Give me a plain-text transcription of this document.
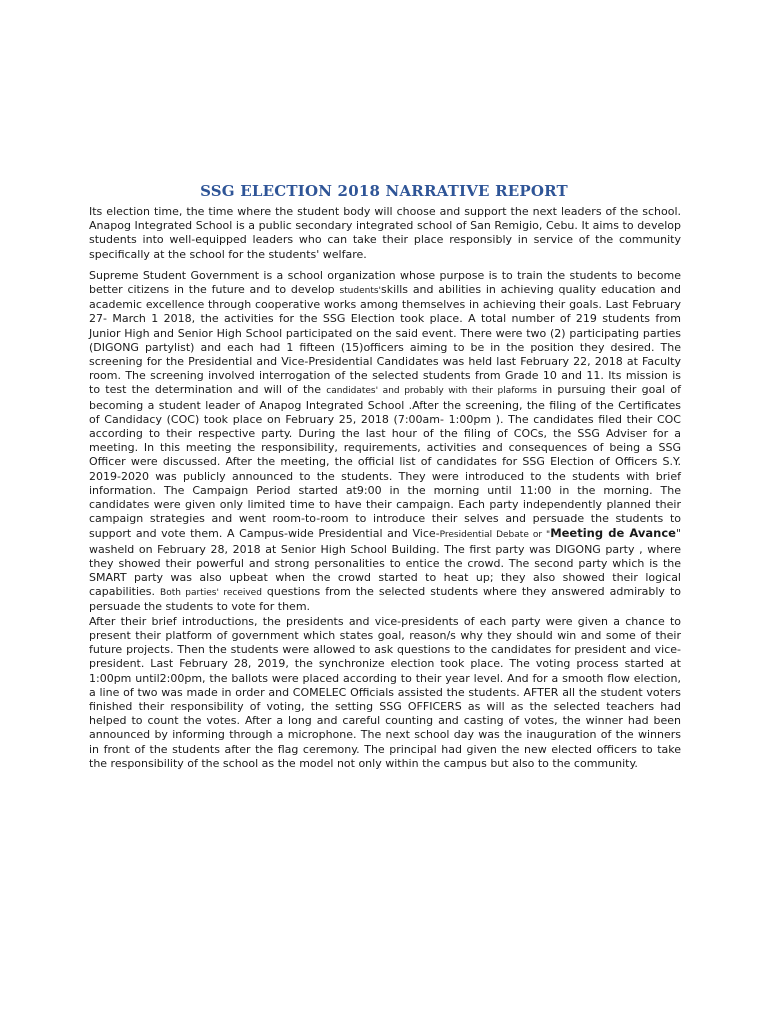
SSG ELECTION 2018 NARRATIVE REPORT

Its election time, the time where the student body will choose and support the next leaders of the school. Anapog Integrated School is a public secondary integrated school of San Remigio, Cebu. It aims to develop students into well-equipped leaders who can take their place responsibly in service of the community specifically at the school for the students' welfare.

Supreme Student Government is a school organization whose purpose is to train the students to become better citizens in the future and to develop students'skills and abilities in achieving quality education and academic excellence through cooperative works among themselves in achieving their goals. Last February 27- March 1 2018, the activities for the SSG Election took place. A total number of 219 students from Junior High and Senior High School participated on the said event. There were two (2) participating parties (DIGONG partylist) and each had 1 fifteen (15)officers aiming to be in the position they desired. The screening for the Presidential and Vice-Presidential Candidates was held last February 22, 2018 at Faculty room. The screening involved interrogation of the selected students from Grade 10 and 11. Its mission is to test the determination and will of the candidates' and probably with their plaforms in pursuing their goal of becoming a student leader of Anapog Integrated School .After the screening, the filing of the Certificates of Candidacy (COC) took place on February 25, 2018 (7:00am- 1:00pm ). The candidates filed their COC according to their respective party. During the last hour of the filing of COCs, the SSG Adviser for a meeting. In this meeting the responsibility, requirements, activities and consequences of being a SSG Officer were discussed. After the meeting, the official list of candidates for SSG Election of Officers S.Y. 2019-2020 was publicly announced to the students. They were introduced to the students with brief information. The Campaign Period started at9:00 in the morning until 11:00 in the morning. The candidates were given only limited time to have their campaign. Each party independently planned their campaign strategies and went room-to-room to introduce their selves and persuade the students to support and vote them. A Campus-wide Presidential and Vice-Presidential Debate or "Meeting de Avance" washeld on February 28, 2018 at Senior High School Building. The first party was DIGONG party , where they showed their powerful and strong personalities to entice the crowd. The second party which is the SMART party was also upbeat when the crowd started to heat up; they also showed their logical capabilities. Both parties' received questions from the selected students where they answered admirably to persuade the students to vote for them.

After their brief introductions, the presidents and vice-presidents of each party were given a chance to present their platform of government which states goal, reason/s why they should win and some of their future projects. Then the students were allowed to ask questions to the candidates for president and vice-president. Last February 28, 2019, the synchronize election took place. The voting process started at 1:00pm until2:00pm, the ballots were placed according to their year level. And for a smooth flow election, a line of two was made in order and COMELEC Officials assisted the students. AFTER all the student voters finished their responsibility of voting, the setting SSG OFFICERS as will as the selected teachers had helped to count the votes. After a long and careful counting and casting of votes, the winner had been announced by informing through a microphone. The next school day was the inauguration of the winners in front of the students after the flag ceremony. The principal had given the new elected officers to take the responsibility of the school as the model not only within the campus but also to the community.
